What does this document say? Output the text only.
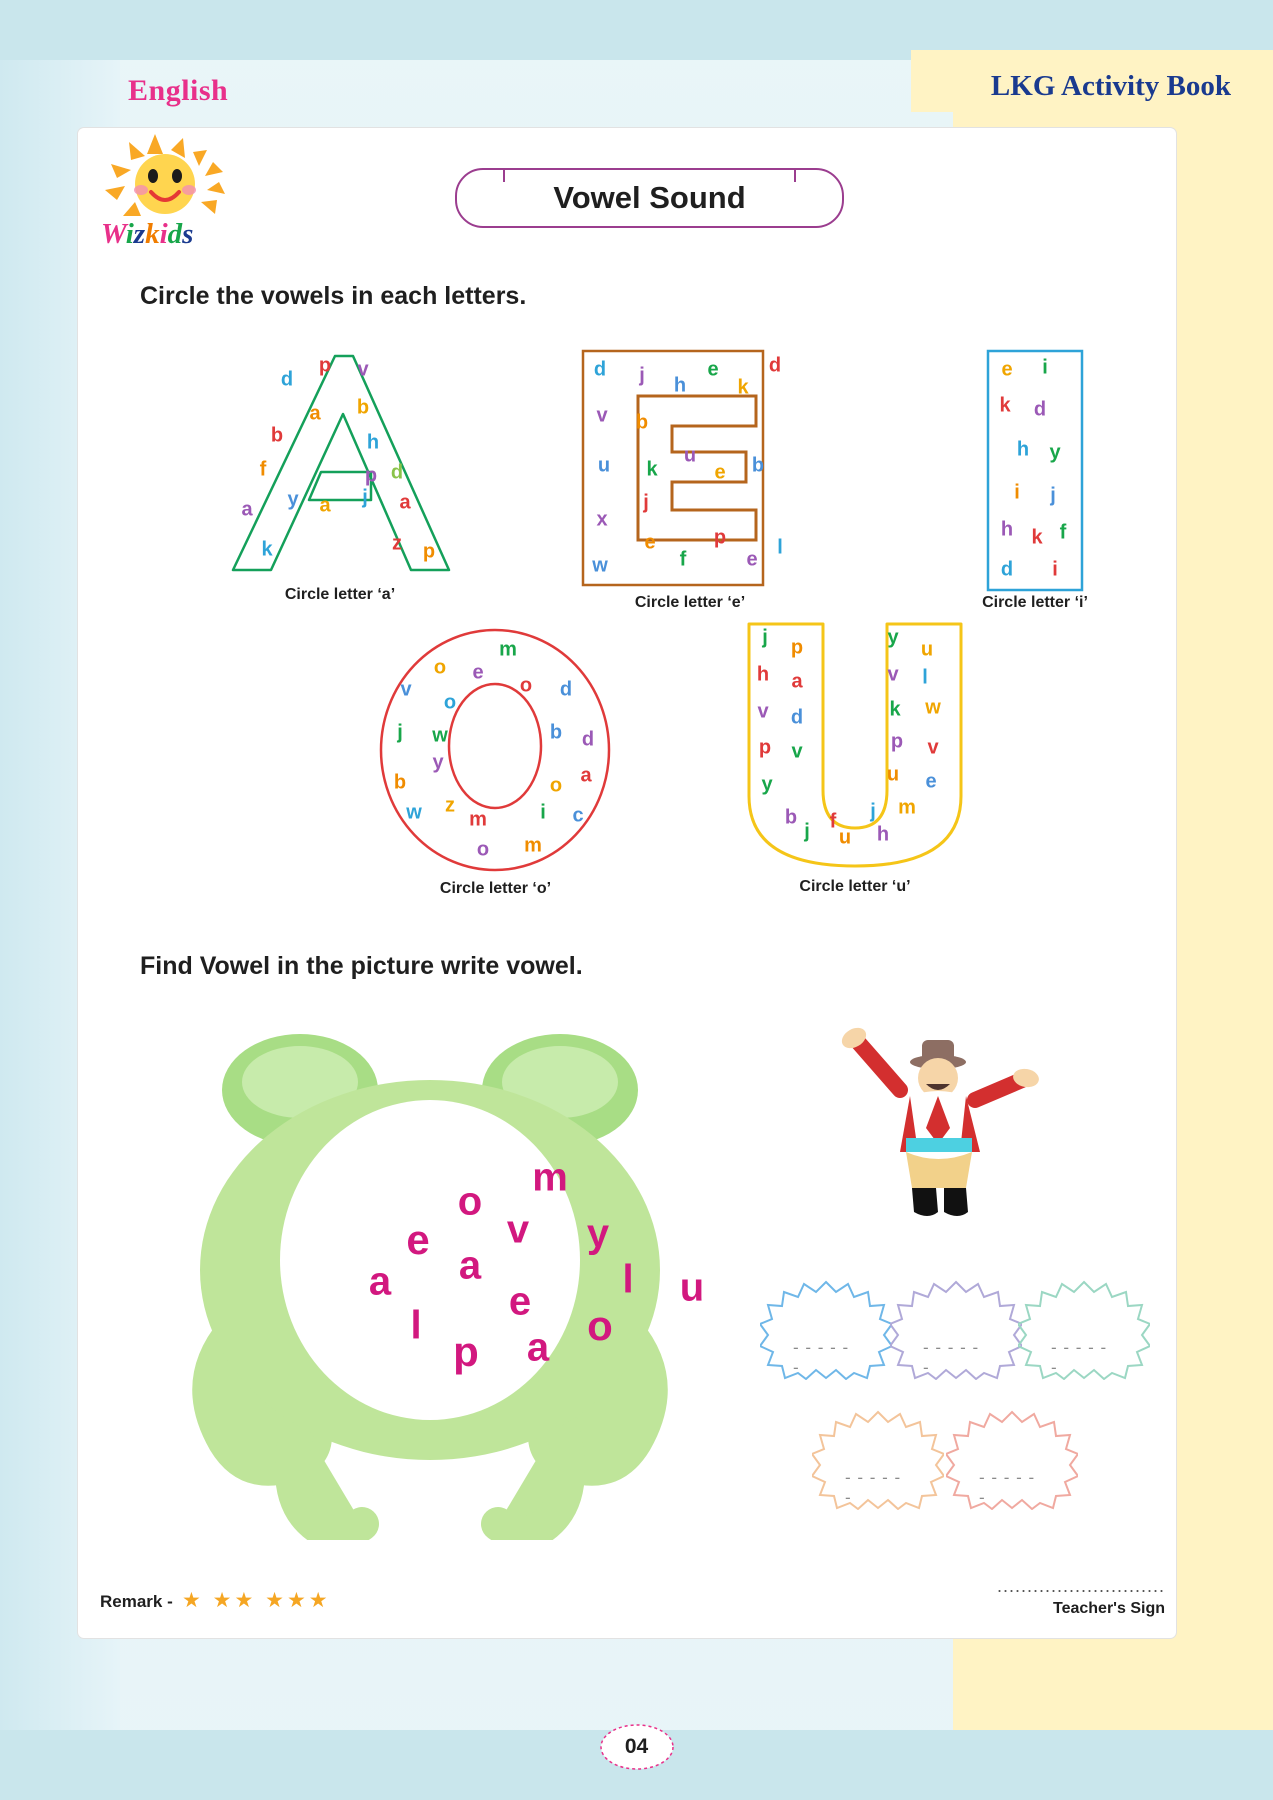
English	LKG Activity Book
Wizkids
Vowel Sound
Circle the vowels in each letters.
d
p v
a b
b	h
p
f	d
y a j a
a
k	z p
Circle letter ‘a’
d j h
e
k
d
v b
u k
u
e b
j
x
e	p
w	f	e
l
Circle letter ‘e’
e i
k d
h y
i j
h k f
d i
Circle letter ‘i’
o
m
e
o d
v
o
j w	b d
y
a
b	o
z
w m	i c
o m
Circle letter ‘o’
j p	y
u
h a	v l
v d	k w
p v	p v
y	u e
b f j m
j u h
Circle letter ‘u’
Find Vowel in the picture write vowel.
o
m
e v y
a
a	l u
e
o
l
p a	- - - - - -
- - - - - -
- - - - - -
- - - - - -
- - - - - -
Remark - ★ ★★ ★★★
............................
Teacher's Sign
04
